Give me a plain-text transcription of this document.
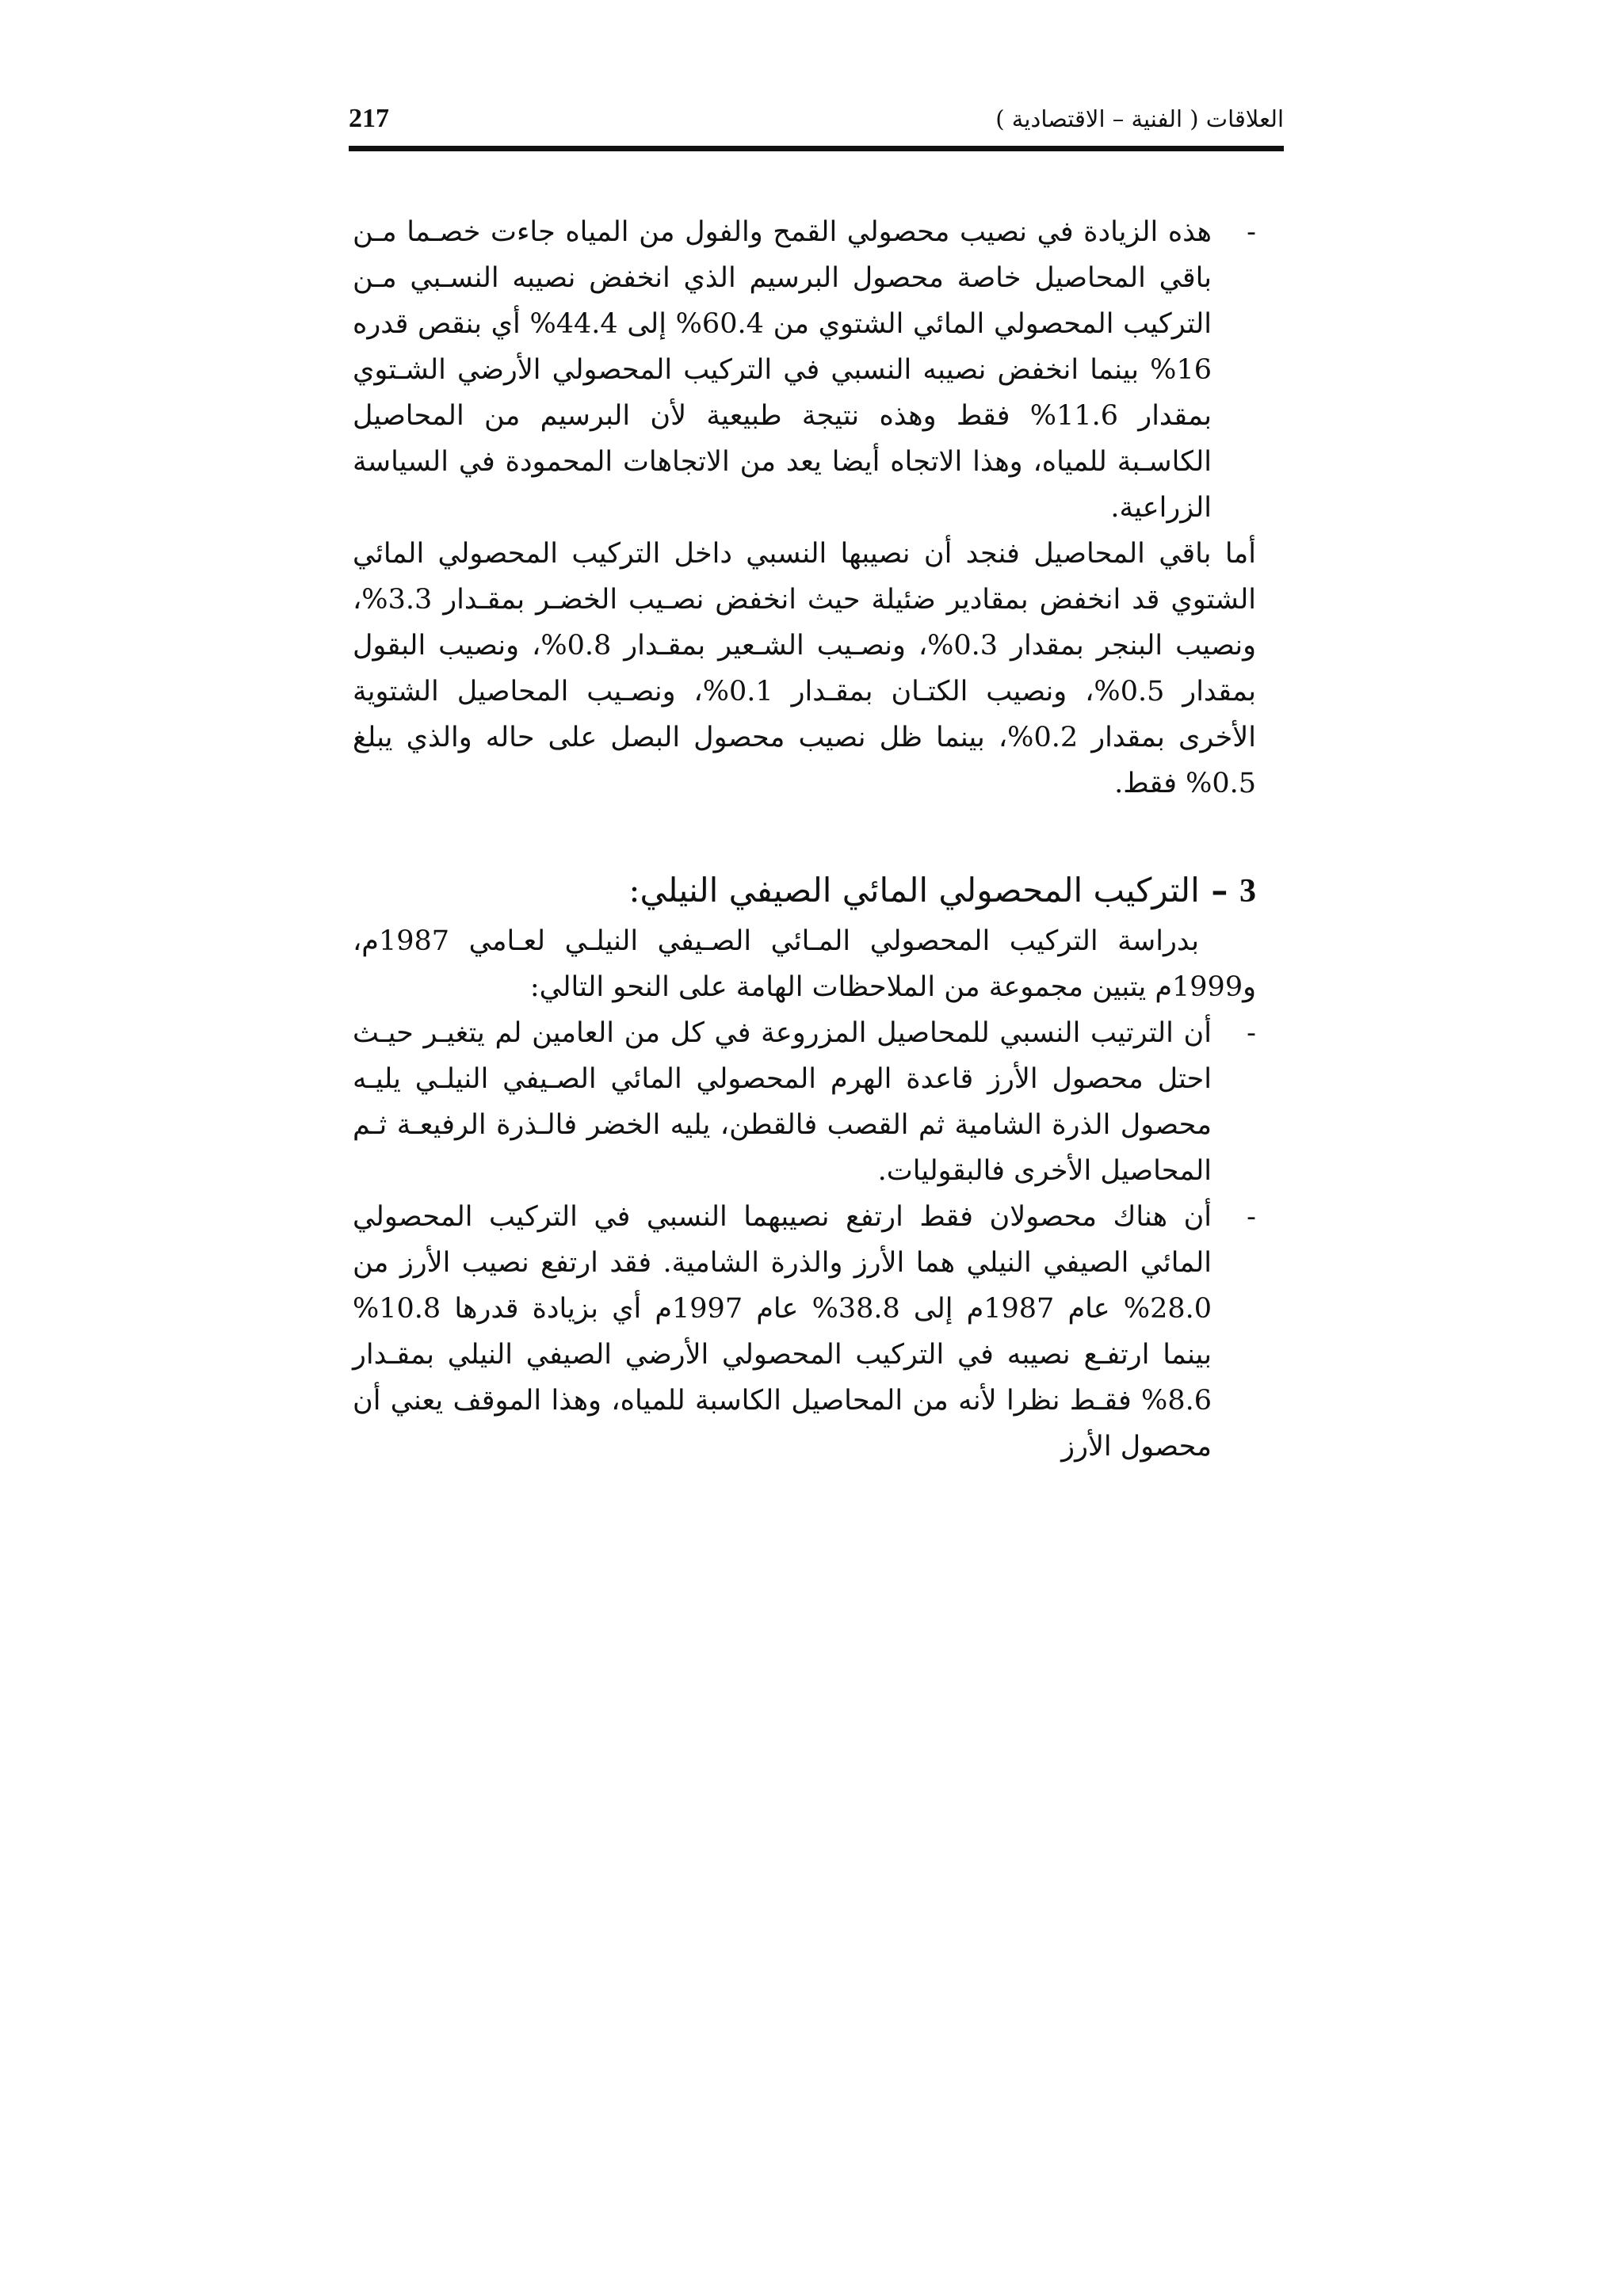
217	العلاقات ( الفنية – الاقتصادية )

-
هذه الزيادة في نصيب محصولي القمح والفول من المياه جاءت خصـما مـن باقي المحاصيل خاصة محصول البرسيم الذي انخفض نصيبه النسـبي مـن التركيب المحصولي المائي الشتوي من 60.4% إلى 44.4% أي بنقص قدره 16% بينما انخفض نصيبه النسبي في التركيب المحصولي الأرضي الشـتوي بمقدار 11.6% فقط وهذه نتيجة طبيعية لأن البرسيم من المحاصيل الكاسـبة للمياه، وهذا الاتجاه أيضا يعد من الاتجاهات المحمودة في السياسة الزراعية.

أما باقي المحاصيل فنجد أن نصيبها النسبي داخل التركيب المحصولي المائي الشتوي قد انخفض بمقادير ضئيلة حيث انخفض نصـيب الخضـر بمقـدار 3.3%، ونصيب البنجر بمقدار 0.3%، ونصـيب الشـعير بمقـدار 0.8%، ونصيب البقول بمقدار 0.5%، ونصيب الكتـان بمقـدار 0.1%، ونصـيب المحاصيل الشتوية الأخرى بمقدار 0.2%، بينما ظل نصيب محصول البصل على حاله والذي يبلغ 0.5% فقط.

3 – التركيب المحصولي المائي الصيفي النيلي:

بدراسة التركيب المحصولي المـائي الصـيفي النيلـي لعـامي 1987م، و1999م يتبين مجموعة من الملاحظات الهامة على النحو التالي:

-
أن الترتيب النسبي للمحاصيل المزروعة في كل من العامين لم يتغيـر حيـث احتل محصول الأرز قاعدة الهرم المحصولي المائي الصـيفي النيلـي يليـه محصول الذرة الشامية ثم القصب فالقطن، يليه الخضر فالـذرة الرفيعـة ثـم المحاصيل الأخرى فالبقوليات.

-
أن هناك محصولان فقط ارتفع نصيبهما النسبي في التركيب المحصولي المائي الصيفي النيلي هما الأرز والذرة الشامية. فقد ارتفع نصيب الأرز من 28.0% عام 1987م إلى 38.8% عام 1997م أي بزيادة قدرها 10.8% بينما ارتفـع نصيبه في التركيب المحصولي الأرضي الصيفي النيلي بمقـدار 8.6% فقـط نظرا لأنه من المحاصيل الكاسبة للمياه، وهذا الموقف يعني أن محصول الأرز
